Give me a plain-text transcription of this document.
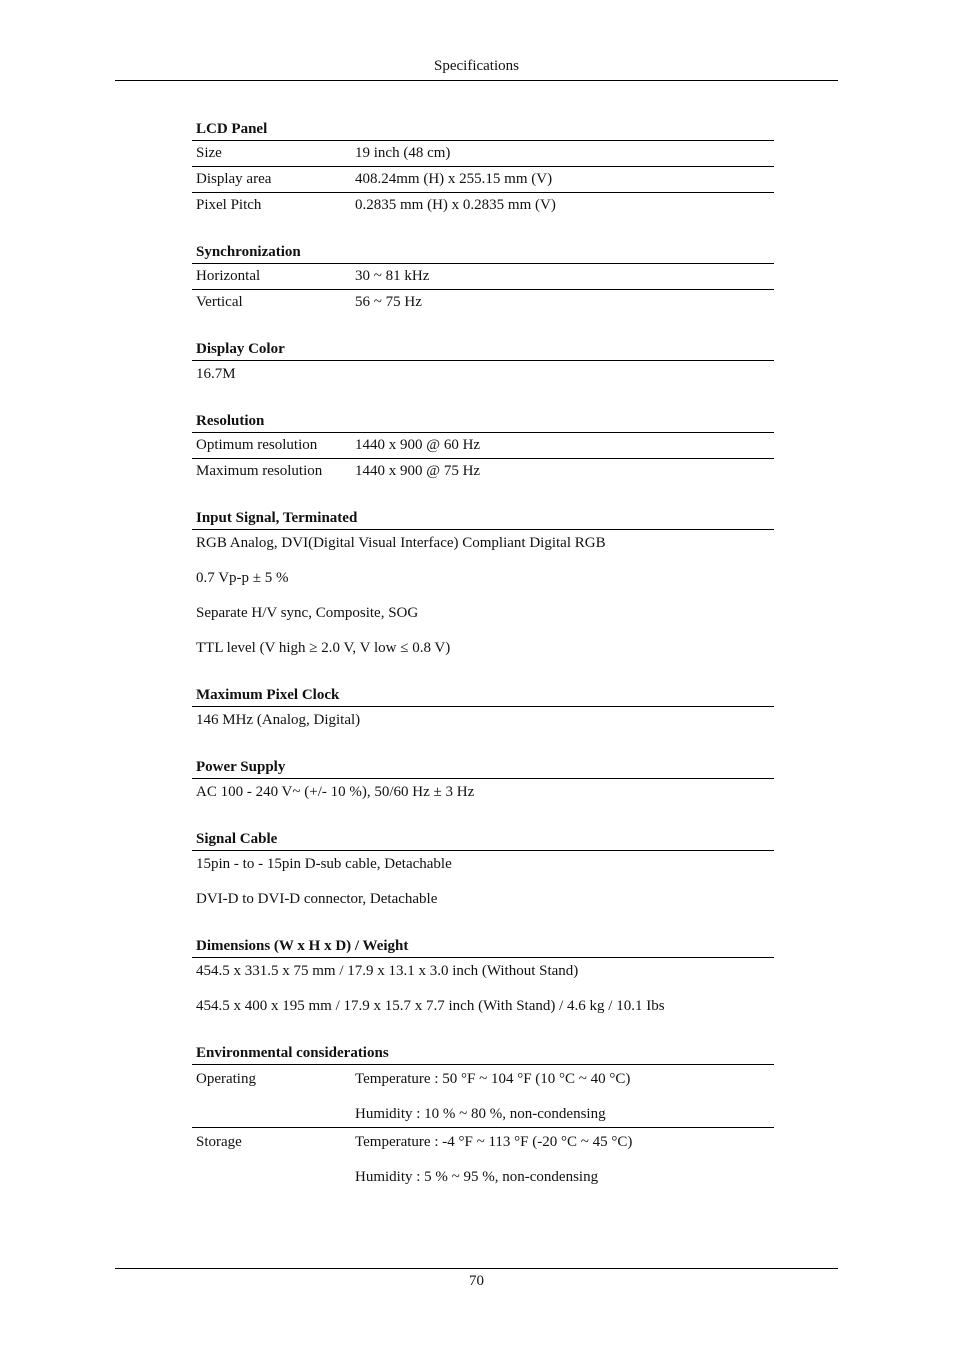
Specifications
LCD Panel
Size	19 inch (48 cm)
Display area	408.24mm (H) x 255.15 mm (V)
Pixel Pitch	0.2835 mm (H) x 0.2835 mm (V)
Synchronization
Horizontal	30 ~ 81 kHz
Vertical	56 ~ 75 Hz
Display Color
16.7M
Resolution
Optimum resolution	1440 x 900 @ 60 Hz
Maximum resolution	1440 x 900 @ 75 Hz
Input Signal, Terminated
RGB Analog, DVI(Digital Visual Interface) Compliant Digital RGB
0.7 Vp-p ± 5 %
Separate H/V sync, Composite, SOG
TTL level (V high ≥ 2.0 V, V low ≤ 0.8 V)
Maximum Pixel Clock
146 MHz (Analog, Digital)
Power Supply
AC 100 - 240 V~ (+/- 10 %), 50/60 Hz ± 3 Hz
Signal Cable
15pin - to - 15pin D-sub cable, Detachable
DVI-D to DVI-D connector, Detachable
Dimensions (W x H x D) / Weight
454.5 x 331.5 x 75 mm / 17.9 x 13.1 x 3.0 inch (Without Stand)
454.5 x 400 x 195 mm / 17.9 x 15.7 x 7.7 inch (With Stand) / 4.6 kg / 10.1 Ibs
Environmental considerations
Operating	Temperature : 50 °F ~ 104 °F (10 °C ~ 40 °C)
Humidity : 10 % ~ 80 %, non-condensing
Storage	Temperature : -4 °F ~ 113 °F (-20 °C ~ 45 °C)
Humidity : 5 % ~ 95 %, non-condensing
70
